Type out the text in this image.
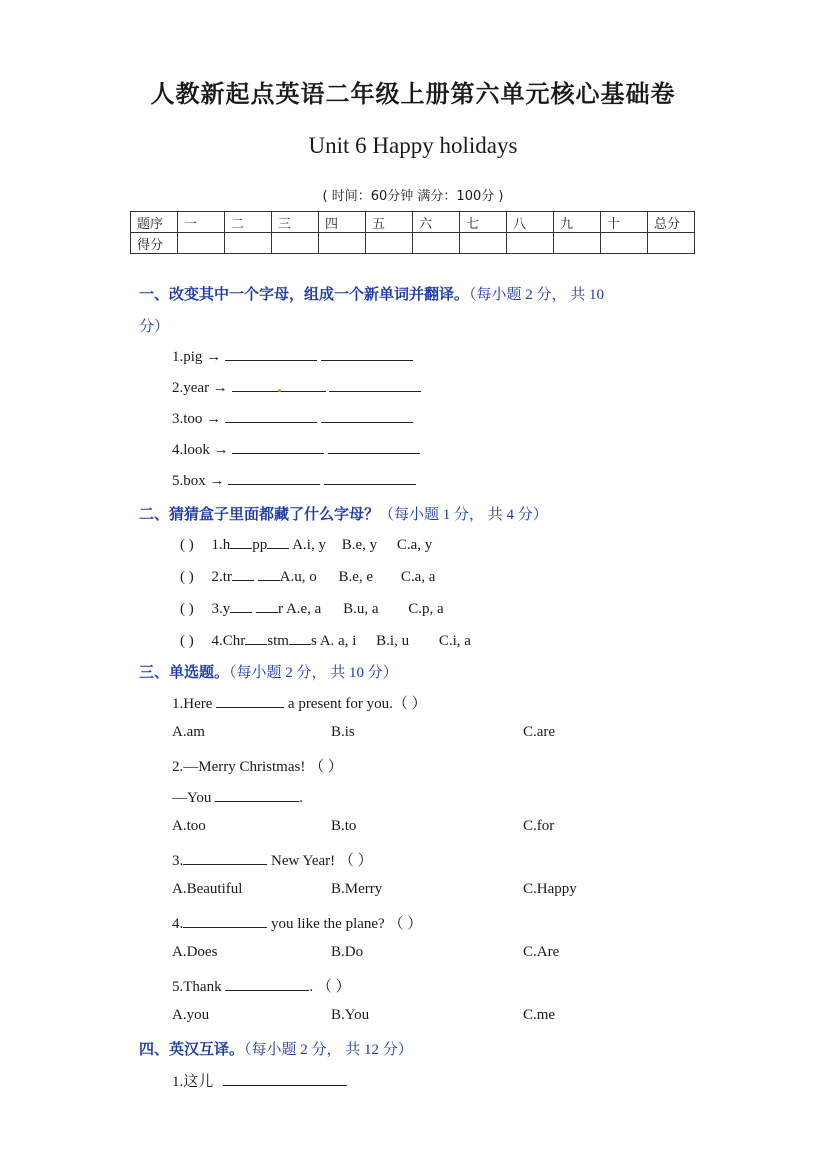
人教新起点英语二年级上册第六单元核心基础卷
Unit 6 Happy holidays
( 时间：60分钟 满分：100分 )
题序	一	二	三	四	五	六	七	八	九	十	总分
得分											
一、改变其中一个字母，组成一个新单词并翻译。（每小题 2 分， 共 10
分）
1.pig →
2.year →
3.too →
4.look →
5.box →
二、猜猜盒子里面都藏了什么字母？（每小题 1 分， 共 4 分）
( ) 1.h pp A.i, y B.e, y C.a, y
( ) 2.tr	A.u, o B.e, e C.a, a
( ) 3.y	r A.e, a B.u, a C.p, a
( ) 4.Chr stm s A. a, i B.i, u C.i, a
三、单选题。（每小题 2 分， 共 10 分）
1.Here	a present for you.（ ）
A.am	B.is	C.are
2.—Merry Christmas! （ ）
—You	.
A.too	B.to	C.for
3.	New Year! （ ）
A.Beautiful	B.Merry	C.Happy
4.	you like the plane? （ ）
A.Does	B.Do	C.Are
5.Thank	. （ ）
A.you	B.You	C.me
四、英汉互译。（每小题 2 分， 共 12 分）
1.这儿
